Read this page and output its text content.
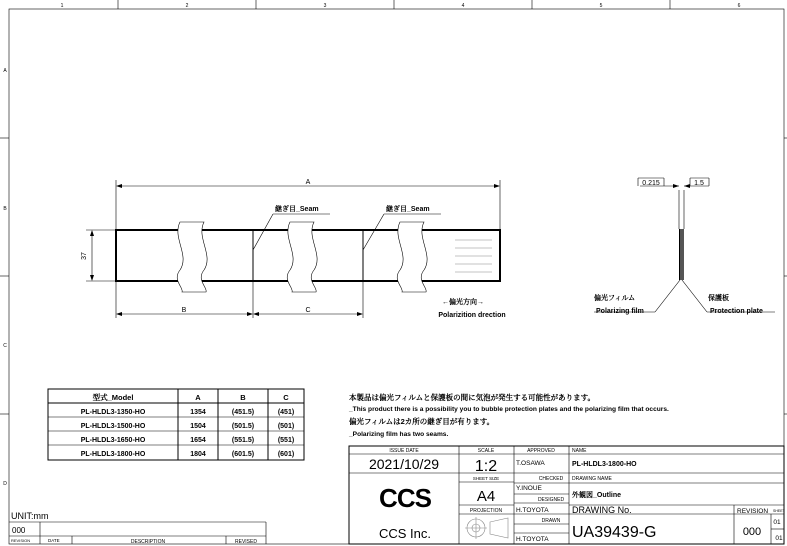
1	2	3	4	5	6
A
B
C
D
A
37
B	C
継ぎ目_Seam	継ぎ目_Seam
←偏光方向→
Polarizition drection
0.215	1.5
偏光フィルム
Polarizing film
保護板
Protection plate
型式_Model	A	B	C
PL-HLDL3-1350-HO	1354	(451.5)	(451)
PL-HLDL3-1500-HO	1504	(501.5)	(501)
PL-HLDL3-1650-HO	1654	(551.5)	(551)
PL-HLDL3-1800-HO	1804	(601.5)	(601)
本製品は偏光フィルムと保護板の間に気泡が発生する可能性があります。
_This product there is a possibility you to bubble protection plates and the polarizing film that occurs.
偏光フィルムは2カ所の継ぎ目が有ります。
_Polarizing film has two seams.
ISSUE DATE
2021/10/29
SCALE
1:2
SHEET SIZE
A4
PROJECTION
APPROVED
T.OSAWA
CHECKED
Y.INOUE
DESIGNED
H.TOYOTA
DRAWN
H.TOYOTA
NAME
PL-HLDL3-1800-HO
DRAWING NAME
外観図_Outline
DRAWING No.
UA39439-G
REVISION
000
SHEET
01
01
CCS
CCS Inc.
UNIT:mm
000
REVISION	DATE	DESCRIPTION	REVISED
